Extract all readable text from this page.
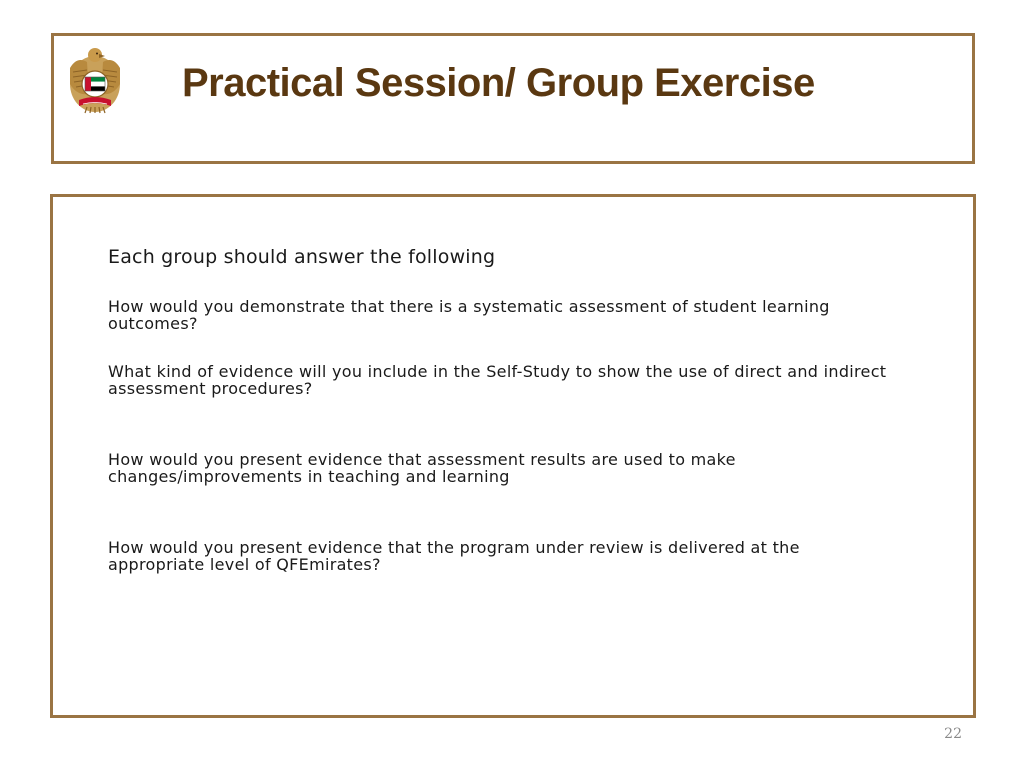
Practical Session/ Group Exercise

Each group should answer the following

How would you demonstrate that there is a systematic assessment of student learning outcomes?

What kind of evidence will you include in the Self-Study to show the use of direct and indirect assessment procedures?

How would you present evidence that assessment results are used to make changes/improvements in teaching and learning

How would you present evidence that the program under review is delivered at the appropriate level of QFEmirates?

22
